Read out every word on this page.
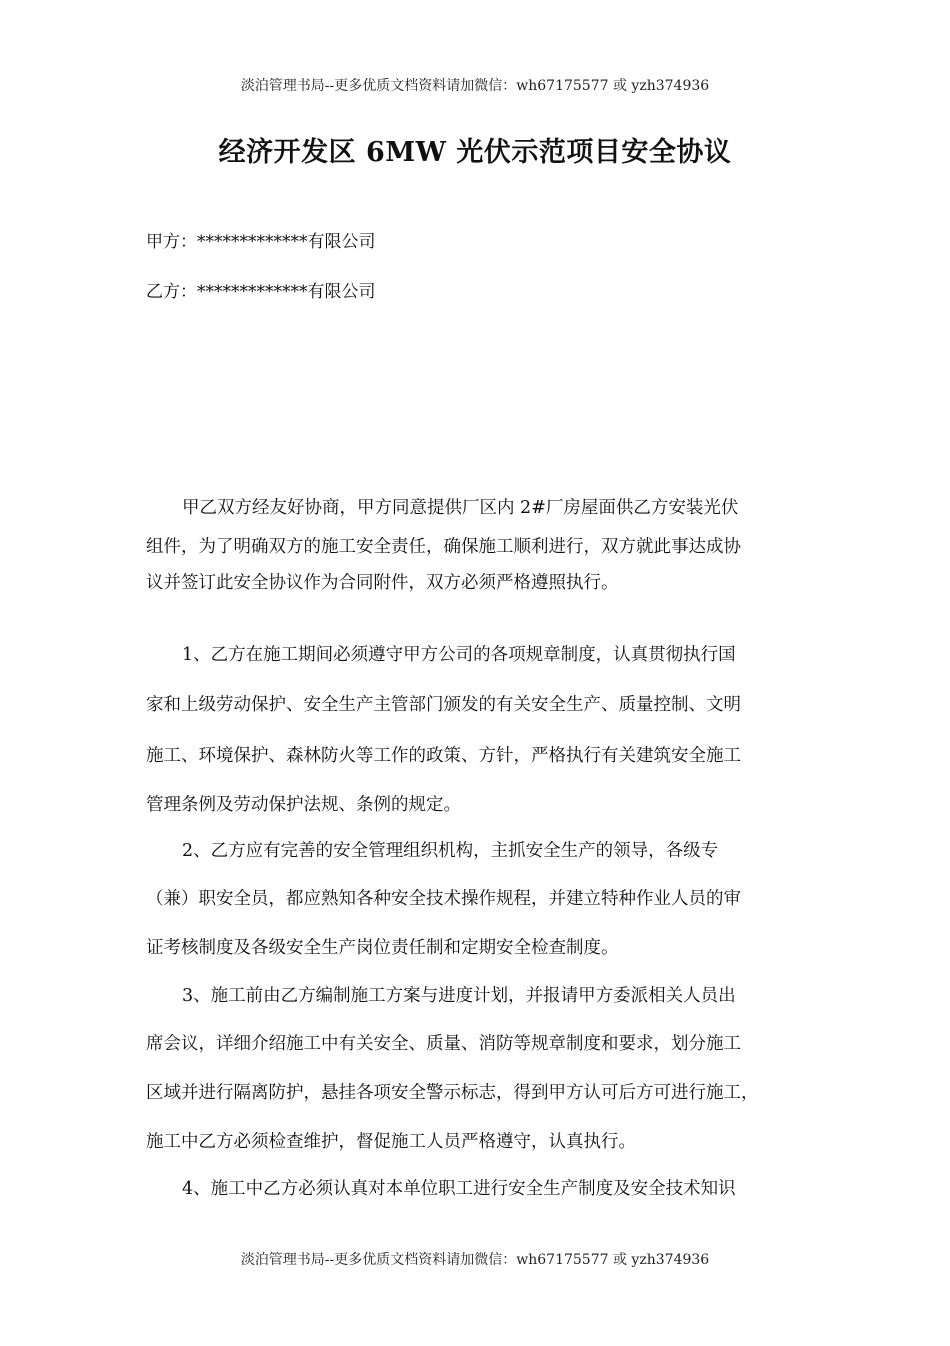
淡泊管理书局--更多优质文档资料请加微信：wh67175577 或 yzh374936
经济开发区 6MW 光伏示范项目安全协议
甲方：*************有限公司
乙方：*************有限公司
甲乙双方经友好协商，甲方同意提供厂区内 2#厂房屋面供乙方安装光伏
组件，为了明确双方的施工安全责任，确保施工顺利进行，双方就此事达成协
议并签订此安全协议作为合同附件，双方必须严格遵照执行。
1、乙方在施工期间必须遵守甲方公司的各项规章制度，认真贯彻执行国
家和上级劳动保护、安全生产主管部门颁发的有关安全生产、质量控制、文明
施工、环境保护、森林防火等工作的政策、方针，严格执行有关建筑安全施工
管理条例及劳动保护法规、条例的规定。
2、乙方应有完善的安全管理组织机构，主抓安全生产的领导，各级专
（兼）职安全员，都应熟知各种安全技术操作规程，并建立特种作业人员的审
证考核制度及各级安全生产岗位责任制和定期安全检查制度。
3、施工前由乙方编制施工方案与进度计划，并报请甲方委派相关人员出
席会议，详细介绍施工中有关安全、质量、消防等规章制度和要求，划分施工
区域并进行隔离防护，悬挂各项安全警示标志，得到甲方认可后方可进行施工，
施工中乙方必须检查维护，督促施工人员严格遵守，认真执行。
4、施工中乙方必须认真对本单位职工进行安全生产制度及安全技术知识
淡泊管理书局--更多优质文档资料请加微信：wh67175577 或 yzh374936
